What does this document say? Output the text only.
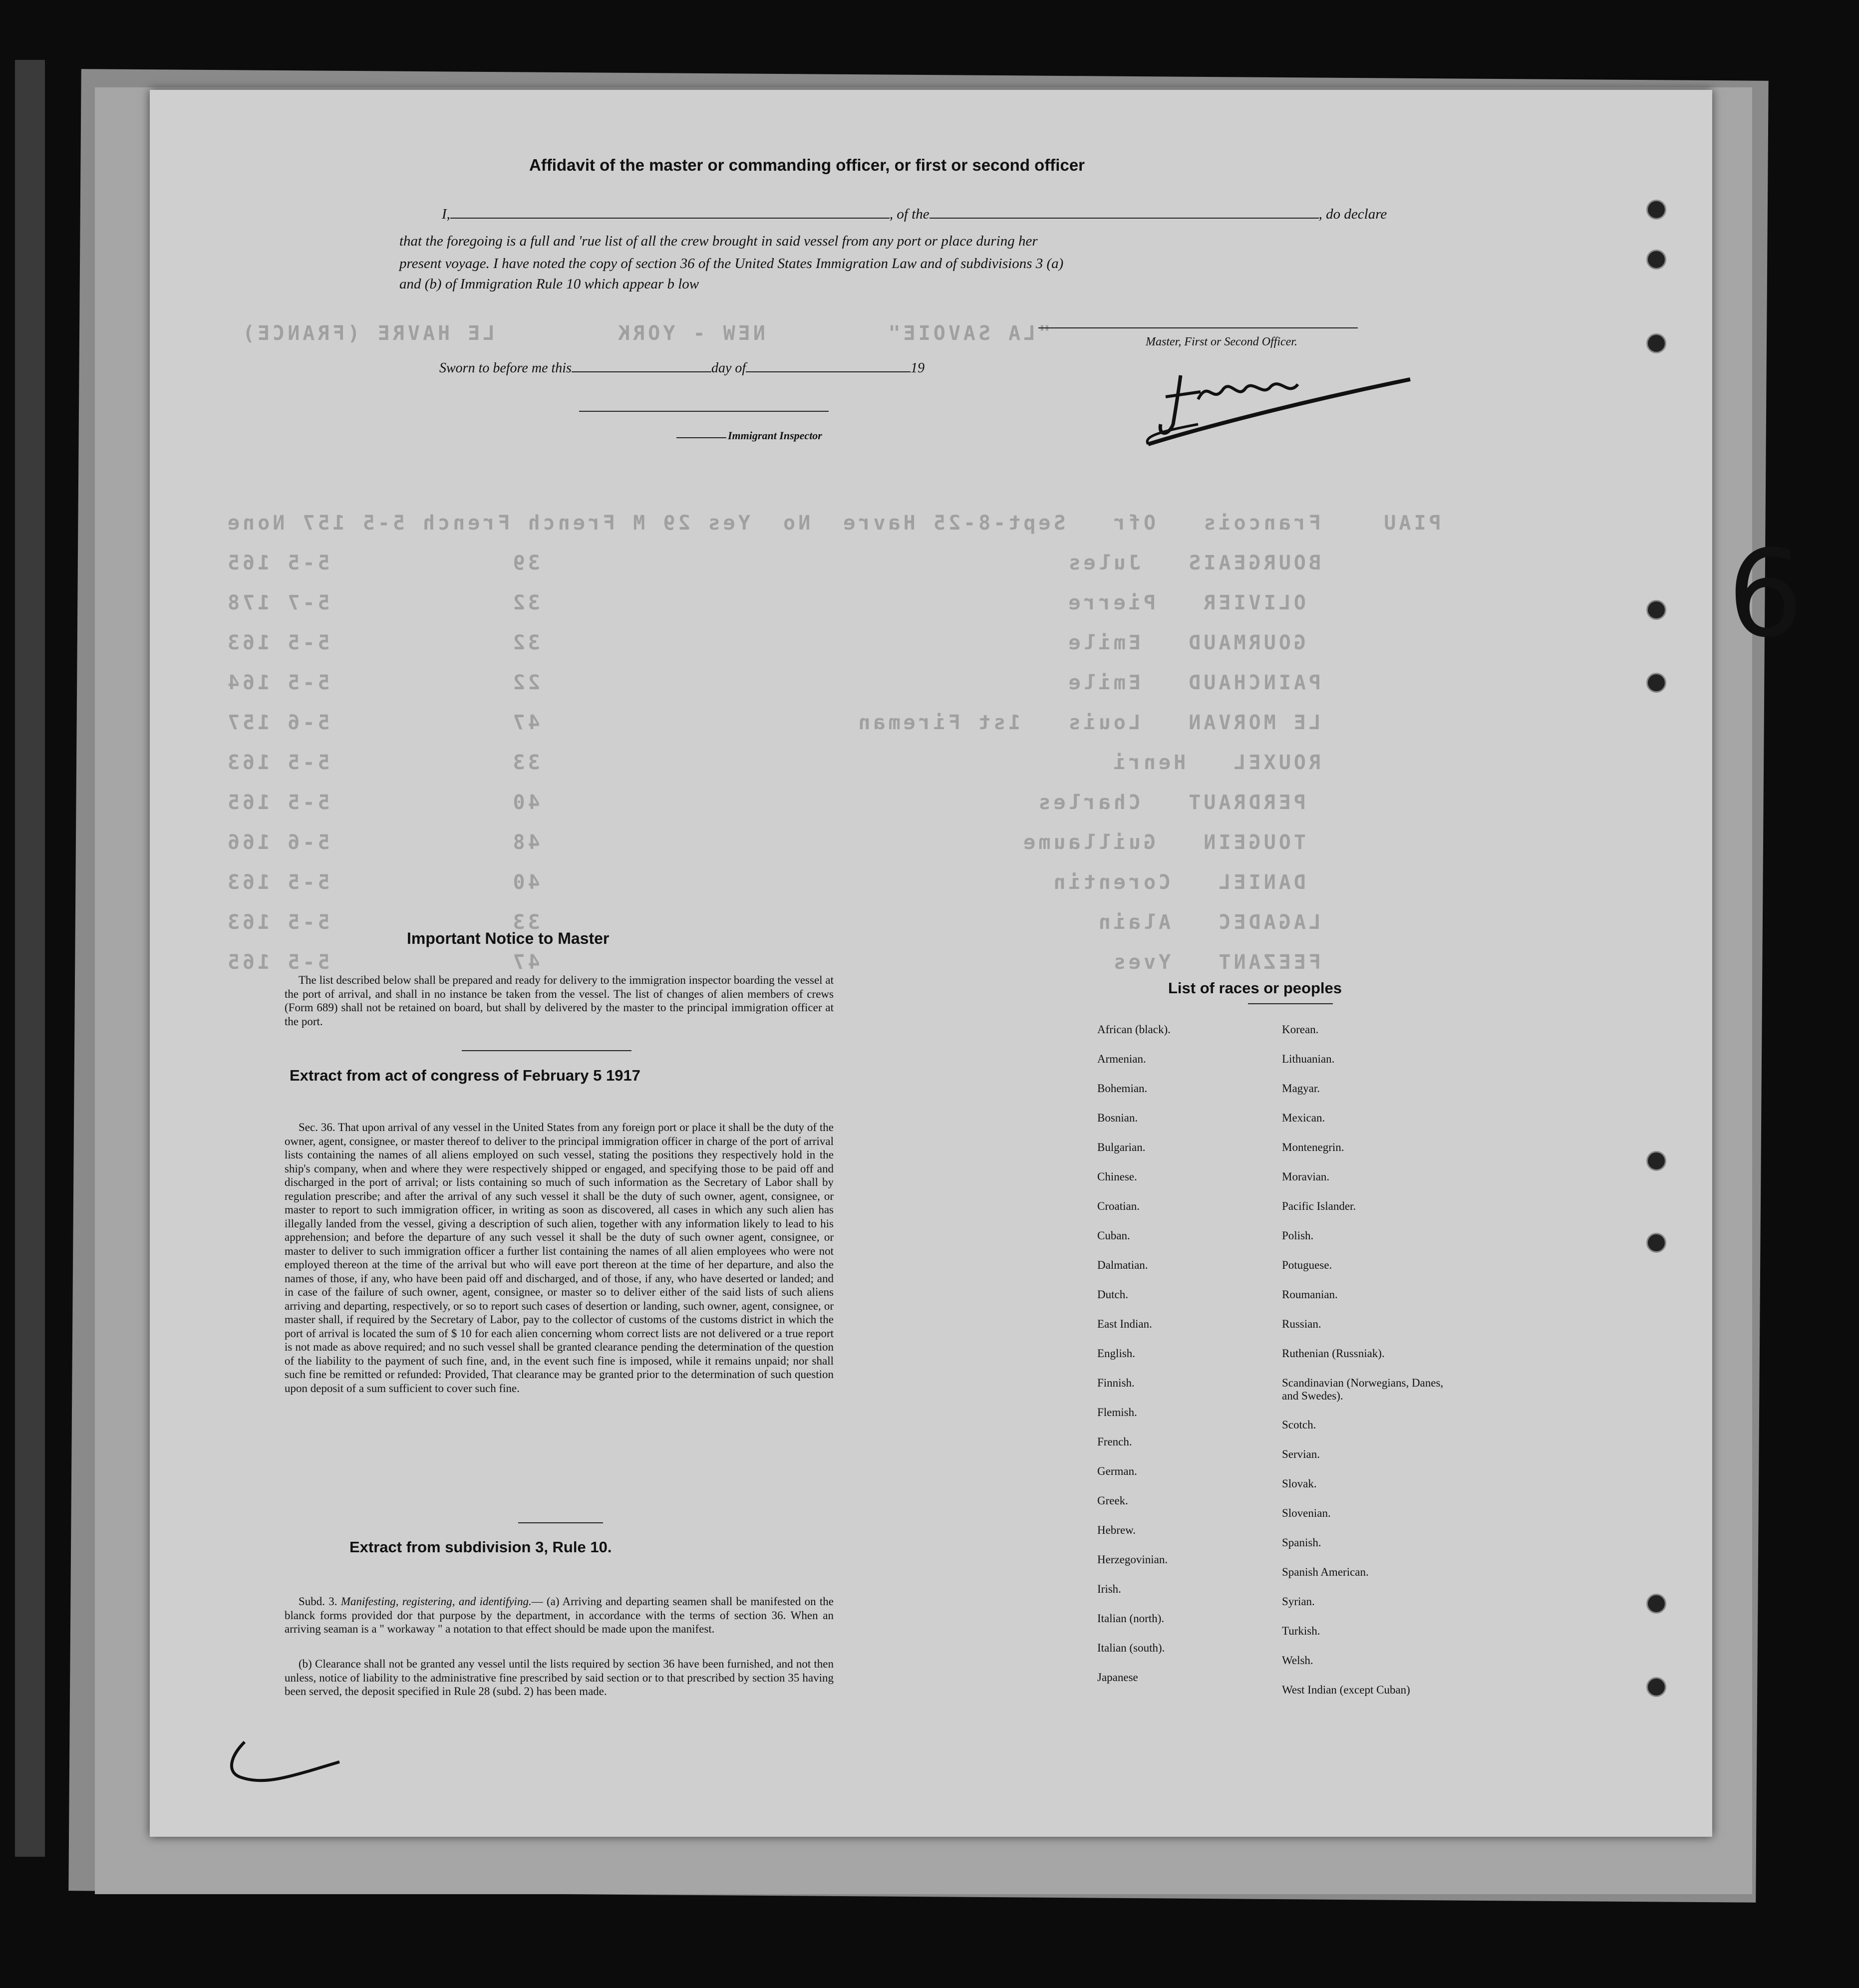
"LA SAVOIE"        NEW - YORK        LE HAVRE (FRANCE)
PIAU    Francois   Ofr   Sept-8-25 Havre  No  Yes 29 M French French 5-5 157 None
BOURGEAIS   Jules                                   39            5-5 165
OLIVIER   Pierre                                   32            5-7 178
GOURMAUD   Emile                                   32            5-5 163
PAINCHAUD   Emile                                   22            5-5 164
LE MORVAN   Louis   1st Fireman                     47            5-6 157
ROUXEL   Henri                                      33            5-5 163
PERDRAUT   Charles                                 40            5-5 165
TOUGEIN   Guillaume                                48            5-6 166
DANIEL   Corentin                                  40            5-5 163
LAGADEC   Alain                                     33            5-5 163
FEEZANT   Yves                                      47            5-5 165
Affidavit of the master or commanding officer, or first or second officer
I,	, of the	, do declare
that the foregoing is a full and 'rue list of all the crew brought in said vessel from any port or place during her
present voyage. I have noted the copy of section 36 of the United States Immigration Law and of subdivisions 3 (a)
and (b) of Immigration Rule 10 which appear b low
Master, First or Second Officer.
Sworn to before me this	day of	19
Immigrant Inspector
Important Notice to Master
The list described below shall be prepared and ready for delivery to the immigration inspector boarding the vessel at the port of arrival, and shall in no instance be taken from the vessel. The list of changes of alien members of crews (Form 689) shall not be retained on board, but shall by delivered by the master to the principal immigration officer at the port.
Extract from act of congress of February 5 1917
Sec. 36. That upon arrival of any vessel in the United States from any foreign port or place it shall be the duty of the owner, agent, consignee, or master thereof to deliver to the principal immigration officer in charge of the port of arrival lists containing the names of all aliens employed on such vessel, stating the positions they respectively hold in the ship's company, when and where they were respectively shipped or engaged, and specifying those to be paid off and discharged in the port of arrival; or lists containing so much of such information as the Secretary of Labor shall by regulation prescribe; and after the arrival of any such vessel it shall be the duty of such owner, agent, consignee, or master to report to such immigration officer, in writing as soon as discovered, all cases in which any such alien has illegally landed from the vessel, giving a description of such alien, together with any information likely to lead to his apprehension; and before the departure of any such vessel it shall be the duty of such owner agent, consignee, or master to deliver to such immigration officer a further list containing the names of all alien employees who were not employed thereon at the time of the arrival but who will eave port thereon at the time of her departure, and also the names of those, if any, who have been paid off and discharged, and of those, if any, who have deserted or landed; and in case of the failure of such owner, agent, consignee, or master so to deliver either of the said lists of such aliens arriving and departing, respectively, or so to report such cases of desertion or landing, such owner, agent, consignee, or master shall, if required by the Secretary of Labor, pay to the collector of customs of the customs district in which the port of arrival is located the sum of $ 10 for each alien concerning whom correct lists are not delivered or a true report is not made as above required; and no such vessel shall be granted clearance pending the determination of the question of the liability to the payment of such fine, and, in the event such fine is imposed, while it remains unpaid; nor shall such fine be remitted or refunded: Provided, That clearance may be granted prior to the determination of such question upon deposit of a sum sufficient to cover such fine.
Extract from subdivision 3, Rule 10.
Subd. 3. Manifesting, registering, and identifying.— (a) Arriving and departing seamen shall be manifested on the blanck forms provided dor that purpose by the department, in accordance with the terms of section 36. When an arriving seaman is a " workaway " a notation to that effect should be made upon the manifest.
(b) Clearance shall not be granted any vessel until the lists required by section 36 have been furnished, and not then unless, notice of liability to the administrative fine prescribed by said section or to that prescribed by section 35 having been served, the deposit specified in Rule 28 (subd. 2) has been made.
List of races or peoples
African (black).
Armenian.
Bohemian.
Bosnian.
Bulgarian.
Chinese.
Croatian.
Cuban.
Dalmatian.
Dutch.
East Indian.
English.
Finnish.
Flemish.
French.
German.
Greek.
Hebrew.
Herzegovinian.
Irish.
Italian (north).
Italian (south).
Japanese
Korean.
Lithuanian.
Magyar.
Mexican.
Montenegrin.
Moravian.
Pacific Islander.
Polish.
Potuguese.
Roumanian.
Russian.
Ruthenian (Russniak).
Scandinavian (Norwegians, Danes, and Swedes).
Scotch.
Servian.
Slovak.
Slovenian.
Spanish.
Spanish American.
Syrian.
Turkish.
Welsh.
West Indian (except Cuban)
6
